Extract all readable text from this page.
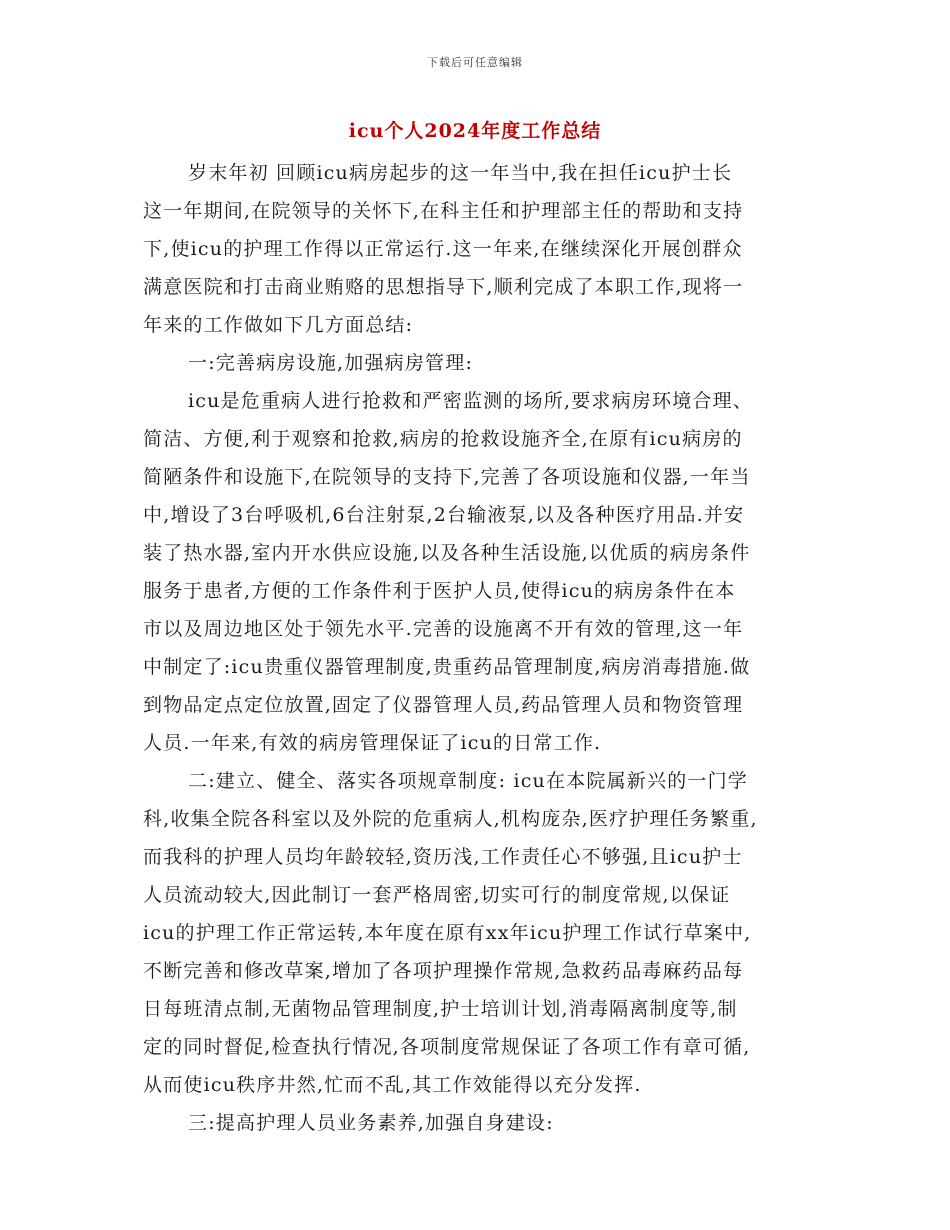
下载后可任意编辑
icu个人2024年度工作总结
岁末年初 回顾icu病房起步的这一年当中,我在担任icu护士长
这一年期间,在院领导的关怀下,在科主任和护理部主任的帮助和支持
下,使icu的护理工作得以正常运行.这一年来,在继续深化开展创群众
满意医院和打击商业贿赂的思想指导下,顺利完成了本职工作,现将一
年来的工作做如下几方面总结:
一:完善病房设施,加强病房管理:
icu是危重病人进行抢救和严密监测的场所,要求病房环境合理、
简洁、方便,利于观察和抢救,病房的抢救设施齐全,在原有icu病房的
简陋条件和设施下,在院领导的支持下,完善了各项设施和仪器,一年当
中,增设了3台呼吸机,6台注射泵,2台输液泵,以及各种医疗用品.并安
装了热水器,室内开水供应设施,以及各种生活设施,以优质的病房条件
服务于患者,方便的工作条件利于医护人员,使得icu的病房条件在本
市以及周边地区处于领先水平.完善的设施离不开有效的管理,这一年
中制定了:icu贵重仪器管理制度,贵重药品管理制度,病房消毒措施.做
到物品定点定位放置,固定了仪器管理人员,药品管理人员和物资管理
人员.一年来,有效的病房管理保证了icu的日常工作.
二:建立、健全、落实各项规章制度: icu在本院属新兴的一门学
科,收集全院各科室以及外院的危重病人,机构庞杂,医疗护理任务繁重,
而我科的护理人员均年龄较轻,资历浅,工作责任心不够强,且icu护士
人员流动较大,因此制订一套严格周密,切实可行的制度常规,以保证
icu的护理工作正常运转,本年度在原有xx年icu护理工作试行草案中,
不断完善和修改草案,增加了各项护理操作常规,急救药品毒麻药品每
日每班清点制,无菌物品管理制度,护士培训计划,消毒隔离制度等,制
定的同时督促,检查执行情况,各项制度常规保证了各项工作有章可循,
从而使icu秩序井然,忙而不乱,其工作效能得以充分发挥.
三:提高护理人员业务素养,加强自身建设:
